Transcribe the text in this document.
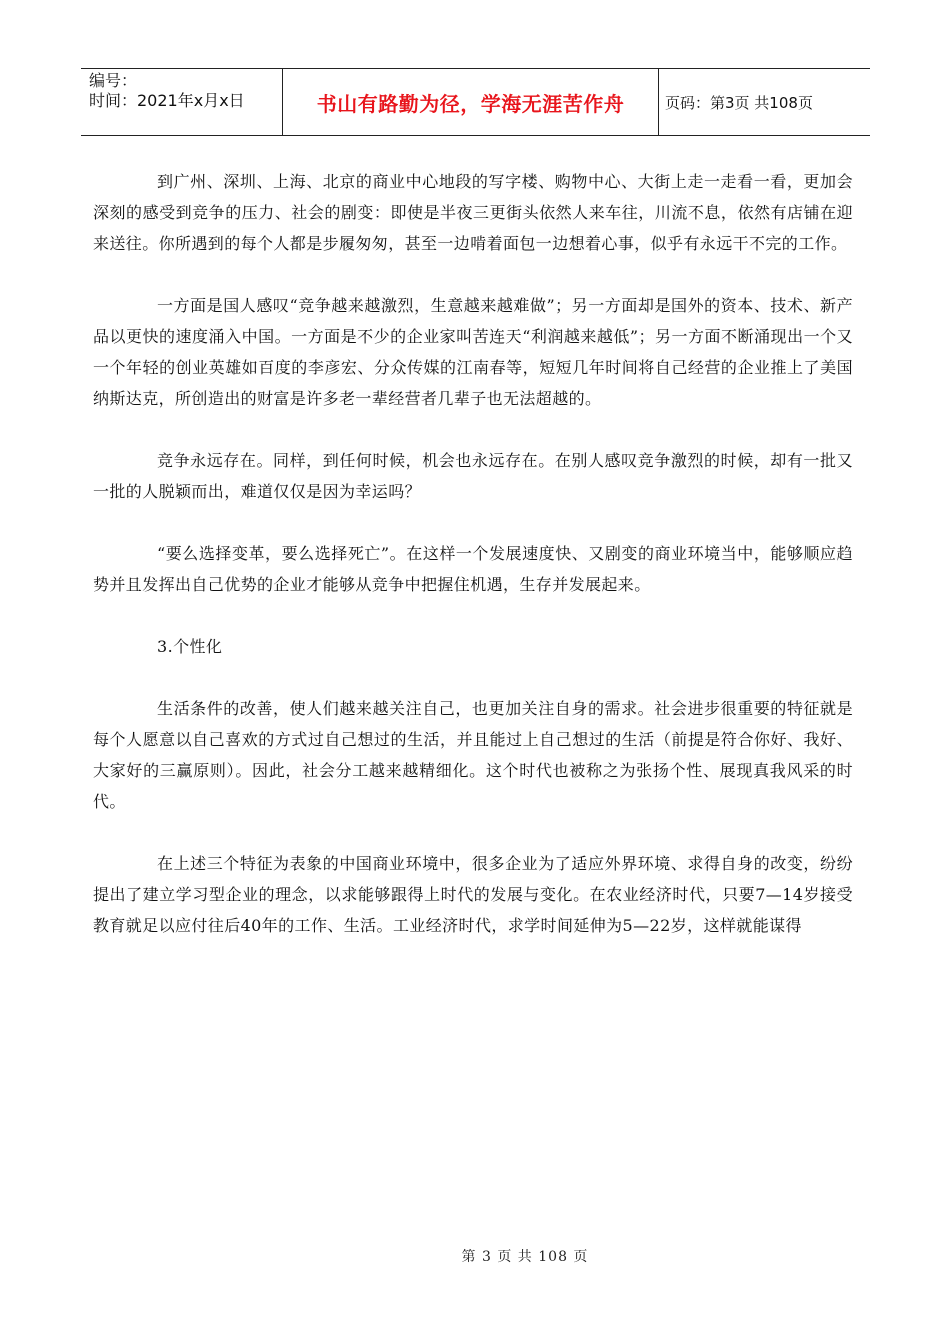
编号：
时间：2021年x月x日	书山有路勤为径，学海无涯苦作舟	页码：第3页 共108页

到广州、深圳、上海、北京的商业中心地段的写字楼、购物中心、大街上走一走看一看，更加会深刻的感受到竞争的压力、社会的剧变：即使是半夜三更街头依然人来车往，川流不息，依然有店铺在迎来送往。你所遇到的每个人都是步履匆匆，甚至一边啃着面包一边想着心事，似乎有永远干不完的工作。

一方面是国人感叹“竞争越来越激烈，生意越来越难做”；另一方面却是国外的资本、技术、新产品以更快的速度涌入中国。一方面是不少的企业家叫苦连天“利润越来越低”；另一方面不断涌现出一个又一个年轻的创业英雄如百度的李彦宏、分众传媒的江南春等，短短几年时间将自己经营的企业推上了美国纳斯达克，所创造出的财富是许多老一辈经营者几辈子也无法超越的。

竞争永远存在。同样，到任何时候，机会也永远存在。在别人感叹竞争激烈的时候，却有一批又一批的人脱颖而出，难道仅仅是因为幸运吗？

“要么选择变革，要么选择死亡”。在这样一个发展速度快、又剧变的商业环境当中，能够顺应趋势并且发挥出自己优势的企业才能够从竞争中把握住机遇，生存并发展起来。

3.个性化

生活条件的改善，使人们越来越关注自己，也更加关注自身的需求。社会进步很重要的特征就是每个人愿意以自己喜欢的方式过自己想过的生活，并且能过上自己想过的生活（前提是符合你好、我好、大家好的三赢原则）。因此，社会分工越来越精细化。这个时代也被称之为张扬个性、展现真我风采的时代。

在上述三个特征为表象的中国商业环境中，很多企业为了适应外界环境、求得自身的改变，纷纷提出了建立学习型企业的理念，以求能够跟得上时代的发展与变化。在农业经济时代，只要7—14岁接受教育就足以应付往后40年的工作、生活。工业经济时代，求学时间延伸为5—22岁，这样就能谋得

第 3 页 共 108 页
